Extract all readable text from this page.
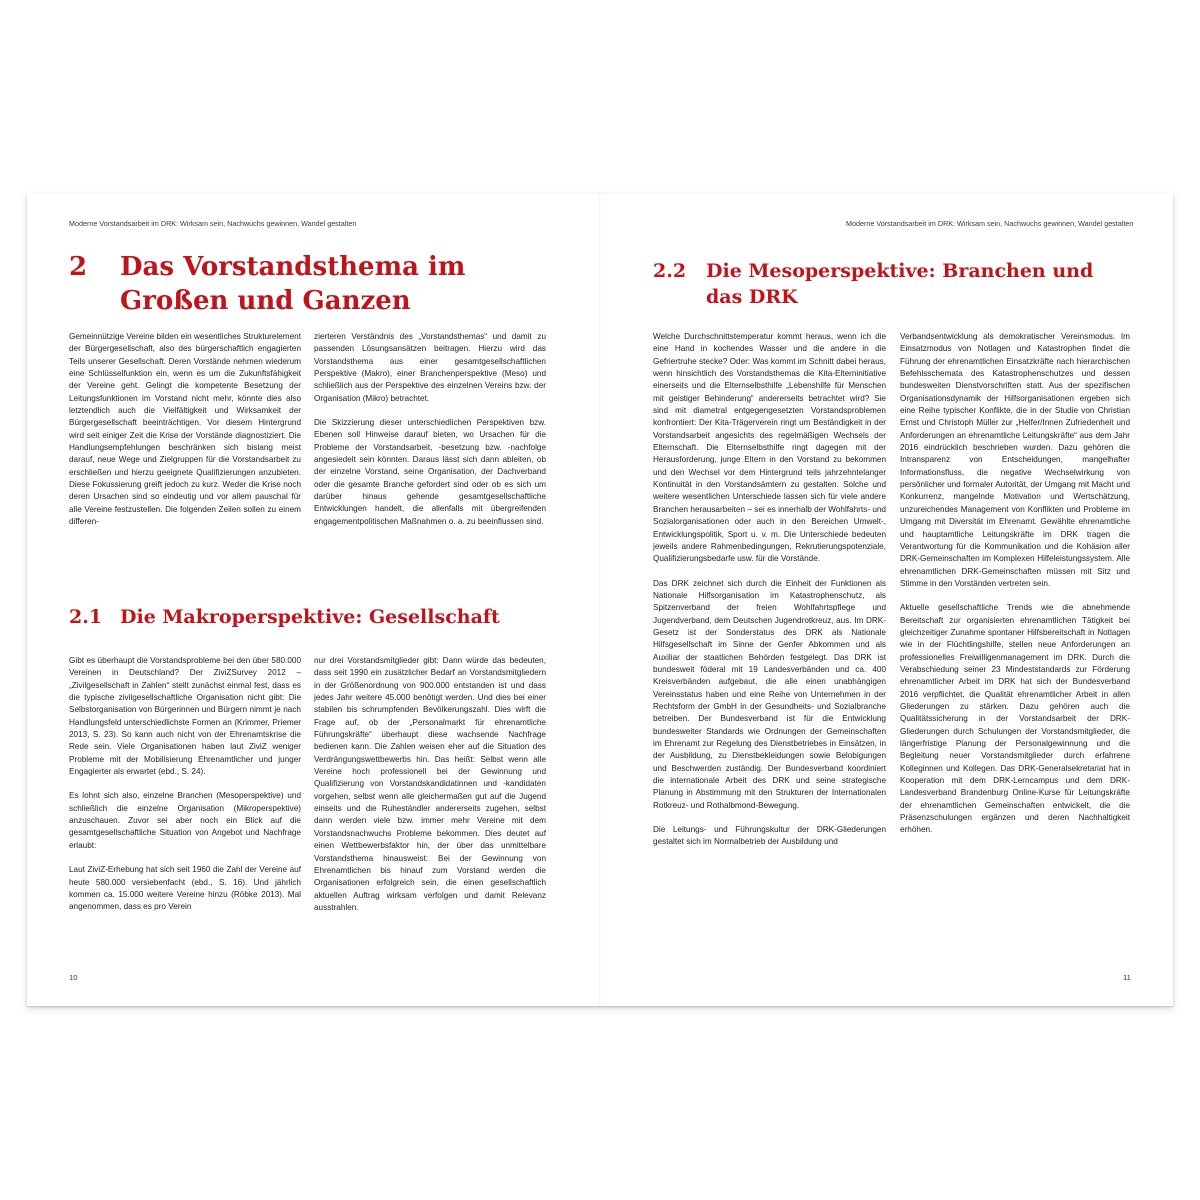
Moderne Vorstandsarbeit im DRK: Wirksam sein, Nachwuchs gewinnen, Wandel gestalten
2 Das Vorstandsthema im Großen und Ganzen

Gemeinnützige Vereine bilden ein wesentliches Strukturelement der Bürgergesellschaft, also des bürgerschaftlich engagierten Teils unserer Gesellschaft. Deren Vorstände nehmen wiederum eine Schlüsselfunktion ein, wenn es um die Zukunftsfähigkeit der Vereine geht. Gelingt die kompetente Besetzung der Leitungsfunktionen im Vorstand nicht mehr, könnte dies also letztendlich auch die Vielfältigkeit und Wirksamkeit der Bürgergesellschaft beeinträchtigen. Vor diesem Hintergrund wird seit einiger Zeit die Krise der Vorstände diagnostiziert. Die Handlungsempfehlungen beschränken sich bislang meist darauf, neue Wege und Zielgruppen für die Vorstandsarbeit zu erschließen und hierzu geeignete Qualifizierungen anzubieten. Diese Fokussierung greift jedoch zu kurz. Weder die Krise noch deren Ursachen sind so eindeutig und vor allem pauschal für alle Vereine festzustellen. Die folgenden Zeilen sollen zu einem differen-

zierteren Verständnis des „Vorstandsthemas“ und damit zu passenden Lösungsansätzen beitragen. Hierzu wird das Vorstandsthema aus einer gesamtgesellschaftlichen Perspektive (Makro), einer Branchenperspektive (Meso) und schließlich aus der Perspektive des einzelnen Vereins bzw. der Organisation (Mikro) betrachtet.

Die Skizzierung dieser unterschiedlichen Perspektiven bzw. Ebenen soll Hinweise darauf bieten, wo Ursachen für die Probleme der Vorstandsarbeit, -besetzung bzw. -nachfolge angesiedelt sein könnten. Daraus lässt sich dann ableiten, ob der einzelne Vorstand, seine Organisation, der Dachverband oder die gesamte Branche gefordert sind oder ob es sich um darüber hinaus gehende gesamtgesellschaftliche Entwicklungen handelt, die allenfalls mit übergreifenden engagementpolitischen Maßnahmen o. a. zu beeinflussen sind.

2.1 Die Makroperspektive: Gesellschaft

Gibt es überhaupt die Vorstandsprobleme bei den über 580.000 Vereinen in Deutschland? Der ZiviZSurvey 2012 – „Zivilgesellschaft in Zahlen“ stellt zunächst einmal fest, dass es die typische zivilgesellschaftliche Organisation nicht gibt: Die Selbstorganisation von Bürgerinnen und Bürgern nimmt je nach Handlungsfeld unterschiedlichste Formen an (Krimmer, Priemer 2013, S. 23). So kann auch nicht von der Ehrenamtskrise die Rede sein. Viele Organisationen haben laut ZiviZ weniger Probleme mit der Mobilisierung Ehrenamtlicher und junger Engagierter als erwartet (ebd., S. 24).

Es lohnt sich also, einzelne Branchen (Mesoperspektive) und schließlich die einzelne Organisation (Mikroperspektive) anzuschauen. Zuvor sei aber noch ein Blick auf die gesamtgesellschaftliche Situation von Angebot und Nachfrage erlaubt:

Laut ZiviZ-Erhebung hat sich seit 1960 die Zahl der Vereine auf heute 580.000 versiebenfacht (ebd., S. 16). Und jährlich kommen ca. 15.000 weitere Vereine hinzu (Röbke 2013). Mal angenommen, dass es pro Verein

nur drei Vorstandsmitglieder gibt: Dann würde das bedeuten, dass seit 1990 ein zusätzlicher Bedarf an Vorstandsmitgliedern in der Größenordnung von 900.000 entstanden ist und dass jedes Jahr weitere 45.000 benötigt werden. Und dies bei einer stabilen bis schrumpfenden Bevölkerungszahl. Dies wirft die Frage auf, ob der „Personalmarkt für ehrenamtliche Führungskräfte“ überhaupt diese wachsende Nachfrage bedienen kann. Die Zahlen weisen eher auf die Situation des Verdrängungswettbewerbs hin. Das heißt: Selbst wenn alle Vereine hoch professionell bei der Gewinnung und Qualifizierung von Vorstandskandidatinnen und -kandidaten vorgehen, selbst wenn alle gleichermaßen gut auf die Jugend einseits und die Ruheständler andererseits zugehen, selbst dann werden viele bzw. immer mehr Vereine mit dem Vorstandsnachwuchs Probleme bekommen. Dies deutet auf einen Wettbewerbsfaktor hin, der über das unmittelbare Vorstandsthema hinausweist: Bei der Gewinnung von Ehrenamtlichen bis hinauf zum Vorstand werden die Organisationen erfolgreich sein, die einen gesellschaftlich aktuellen Auftrag wirksam verfolgen und damit Relevanz ausstrahlen.

10
Moderne Vorstandsarbeit im DRK: Wirksam sein, Nachwuchs gewinnen, Wandel gestalten
2.2 Die Mesoperspektive: Branchen und das DRK

Welche Durchschnittstemperatur kommt heraus, wenn ich die eine Hand in kochendes Wasser und die andere in die Gefriertruhe stecke? Oder: Was kommt im Schnitt dabei heraus, wenn hinsichtlich des Vorstandsthemas die Kita-Elterninitiative einerseits und die Elternselbsthilfe „Lebenshilfe für Menschen mit geistiger Behinderung“ andererseits betrachtet wird? Sie sind mit diametral entgegengesetzten Vorstandsproblemen konfrontiert: Der Kita-Trägerverein ringt um Beständigkeit in der Vorstandsarbeit angesichts des regelmäßigen Wechsels der Elternschaft. Die Elternselbsthilfe ringt dagegen mit der Herausforderung, junge Eltern in den Vorstand zu bekommen und den Wechsel vor dem Hintergrund teils jahrzehntelanger Kontinuität in den Vorstandsämtern zu gestalten. Solche und weitere wesentlichen Unterschiede lassen sich für viele andere Branchen herausarbeiten – sei es innerhalb der Wohlfahrts- und Sozialorganisationen oder auch in den Bereichen Umwelt-, Entwicklungspolitik, Sport u. v. m. Die Unterschiede bedeuten jeweils andere Rahmenbedingungen, Rekrutierungspotenziale, Qualifizierungsbedarfe usw. für die Vorstände.

Das DRK zeichnet sich durch die Einheit der Funktionen als Nationale Hilfsorganisation im Katastrophenschutz, als Spitzenverband der freien Wohlfahrtspflege und Jugendverband, dem Deutschen Jugendrotkreuz, aus. Im DRK-Gesetz ist der Sonderstatus des DRK als Nationale Hilfsgesellschaft im Sinne der Genfer Abkommen und als Auxiliar der staatlichen Behörden festgelegt. Das DRK ist bundesweit föderal mit 19 Landesverbänden und ca. 400 Kreisverbänden aufgebaut, die alle einen unabhängigen Vereinsstatus haben und eine Reihe von Unternehmen in der Rechtsform der GmbH in der Gesundheits- und Sozialbranche betreiben. Der Bundesverband ist für die Entwicklung bundesweiter Standards wie Ordnungen der Gemeinschaften im Ehrenamt zur Regelung des Dienstbetriebes in Einsätzen, in der Ausbildung, zu Dienstbekleidungen sowie Belobigungen und Beschwerden zuständig. Der Bundesverband koordiniert die internationale Arbeit des DRK und seine strategische Planung in Abstimmung mit den Strukturen der Internationalen Rotkreuz- und Rothalbmond-Bewegung.

Die Leitungs- und Führungskultur der DRK-Gliederungen gestaltet sich im Normalbetrieb der Ausbildung und

Verbandsentwicklung als demokratischer Vereinsmodus. Im Einsatzmodus von Notlagen und Katastrophen findet die Führung der ehrenamtlichen Einsatzkräfte nach hierarchischen Befehlsschemata des Katastrophenschutzes und dessen bundesweiten Dienstvorschriften statt. Aus der spezifischen Organisationsdynamik der Hilfsorganisationen ergeben sich eine Reihe typischer Konflikte, die in der Studie von Christian Ernst und Christoph Müller zur „Helfer/Innen Zufriedenheit und Anforderungen an ehrenamtliche Leitungskräfte“ aus dem Jahr 2016 eindrücklich beschrieben wurden. Dazu gehören die Intransparenz von Entscheidungen, mangelhafter Informationsfluss, die negative Wechselwirkung von persönlicher und formaler Autorität, der Umgang mit Macht und Konkurrenz, mangelnde Motivation und Wertschätzung, unzureichendes Management von Konflikten und Probleme im Umgang mit Diversität im Ehrenamt. Gewählte ehrenamtliche und hauptamtliche Leitungskräfte im DRK tragen die Verantwortung für die Kommunikation und die Kohäsion aller DRK-Gemeinschaften im Komplexen Hilfeleistungssystem. Alle ehrenamtlichen DRK-Gemeinschaften müssen mit Sitz und Stimme in den Vorständen vertreten sein.

Aktuelle gesellschaftliche Trends wie die abnehmende Bereitschaft zur organisierten ehrenamtlichen Tätigkeit bei gleichzeitiger Zunahme spontaner Hilfsbereitschaft in Notlagen wie in der Flüchtlingshilfe, stellen neue Anforderungen an professionelles Freiwilligenmanagement im DRK. Durch die Verabschiedung seiner 23 Mindeststandards zur Förderung ehrenamtlicher Arbeit im DRK hat sich der Bundesverband 2016 verpflichtet, die Qualität ehrenamtlicher Arbeit in allen Gliederungen zu stärken. Dazu gehören auch die Qualitätssicherung in der Vorstandsarbeit der DRK-Gliederungen durch Schulungen der Vorstandsmitglieder, die längerfristige Planung der Personalgewinnung und die Begleitung neuer Vorstandsmitglieder durch erfahrene Kolleginnen und Kollegen. Das DRK-Generalsekretariat hat in Kooperation mit dem DRK-Lerncampus und dem DRK-Landesverband Brandenburg Online-Kurse für Leitungskräfte der ehrenamtlichen Gemeinschaften entwickelt, die die Präsenzschulungen ergänzen und deren Nachhaltigkeit erhöhen.

11
